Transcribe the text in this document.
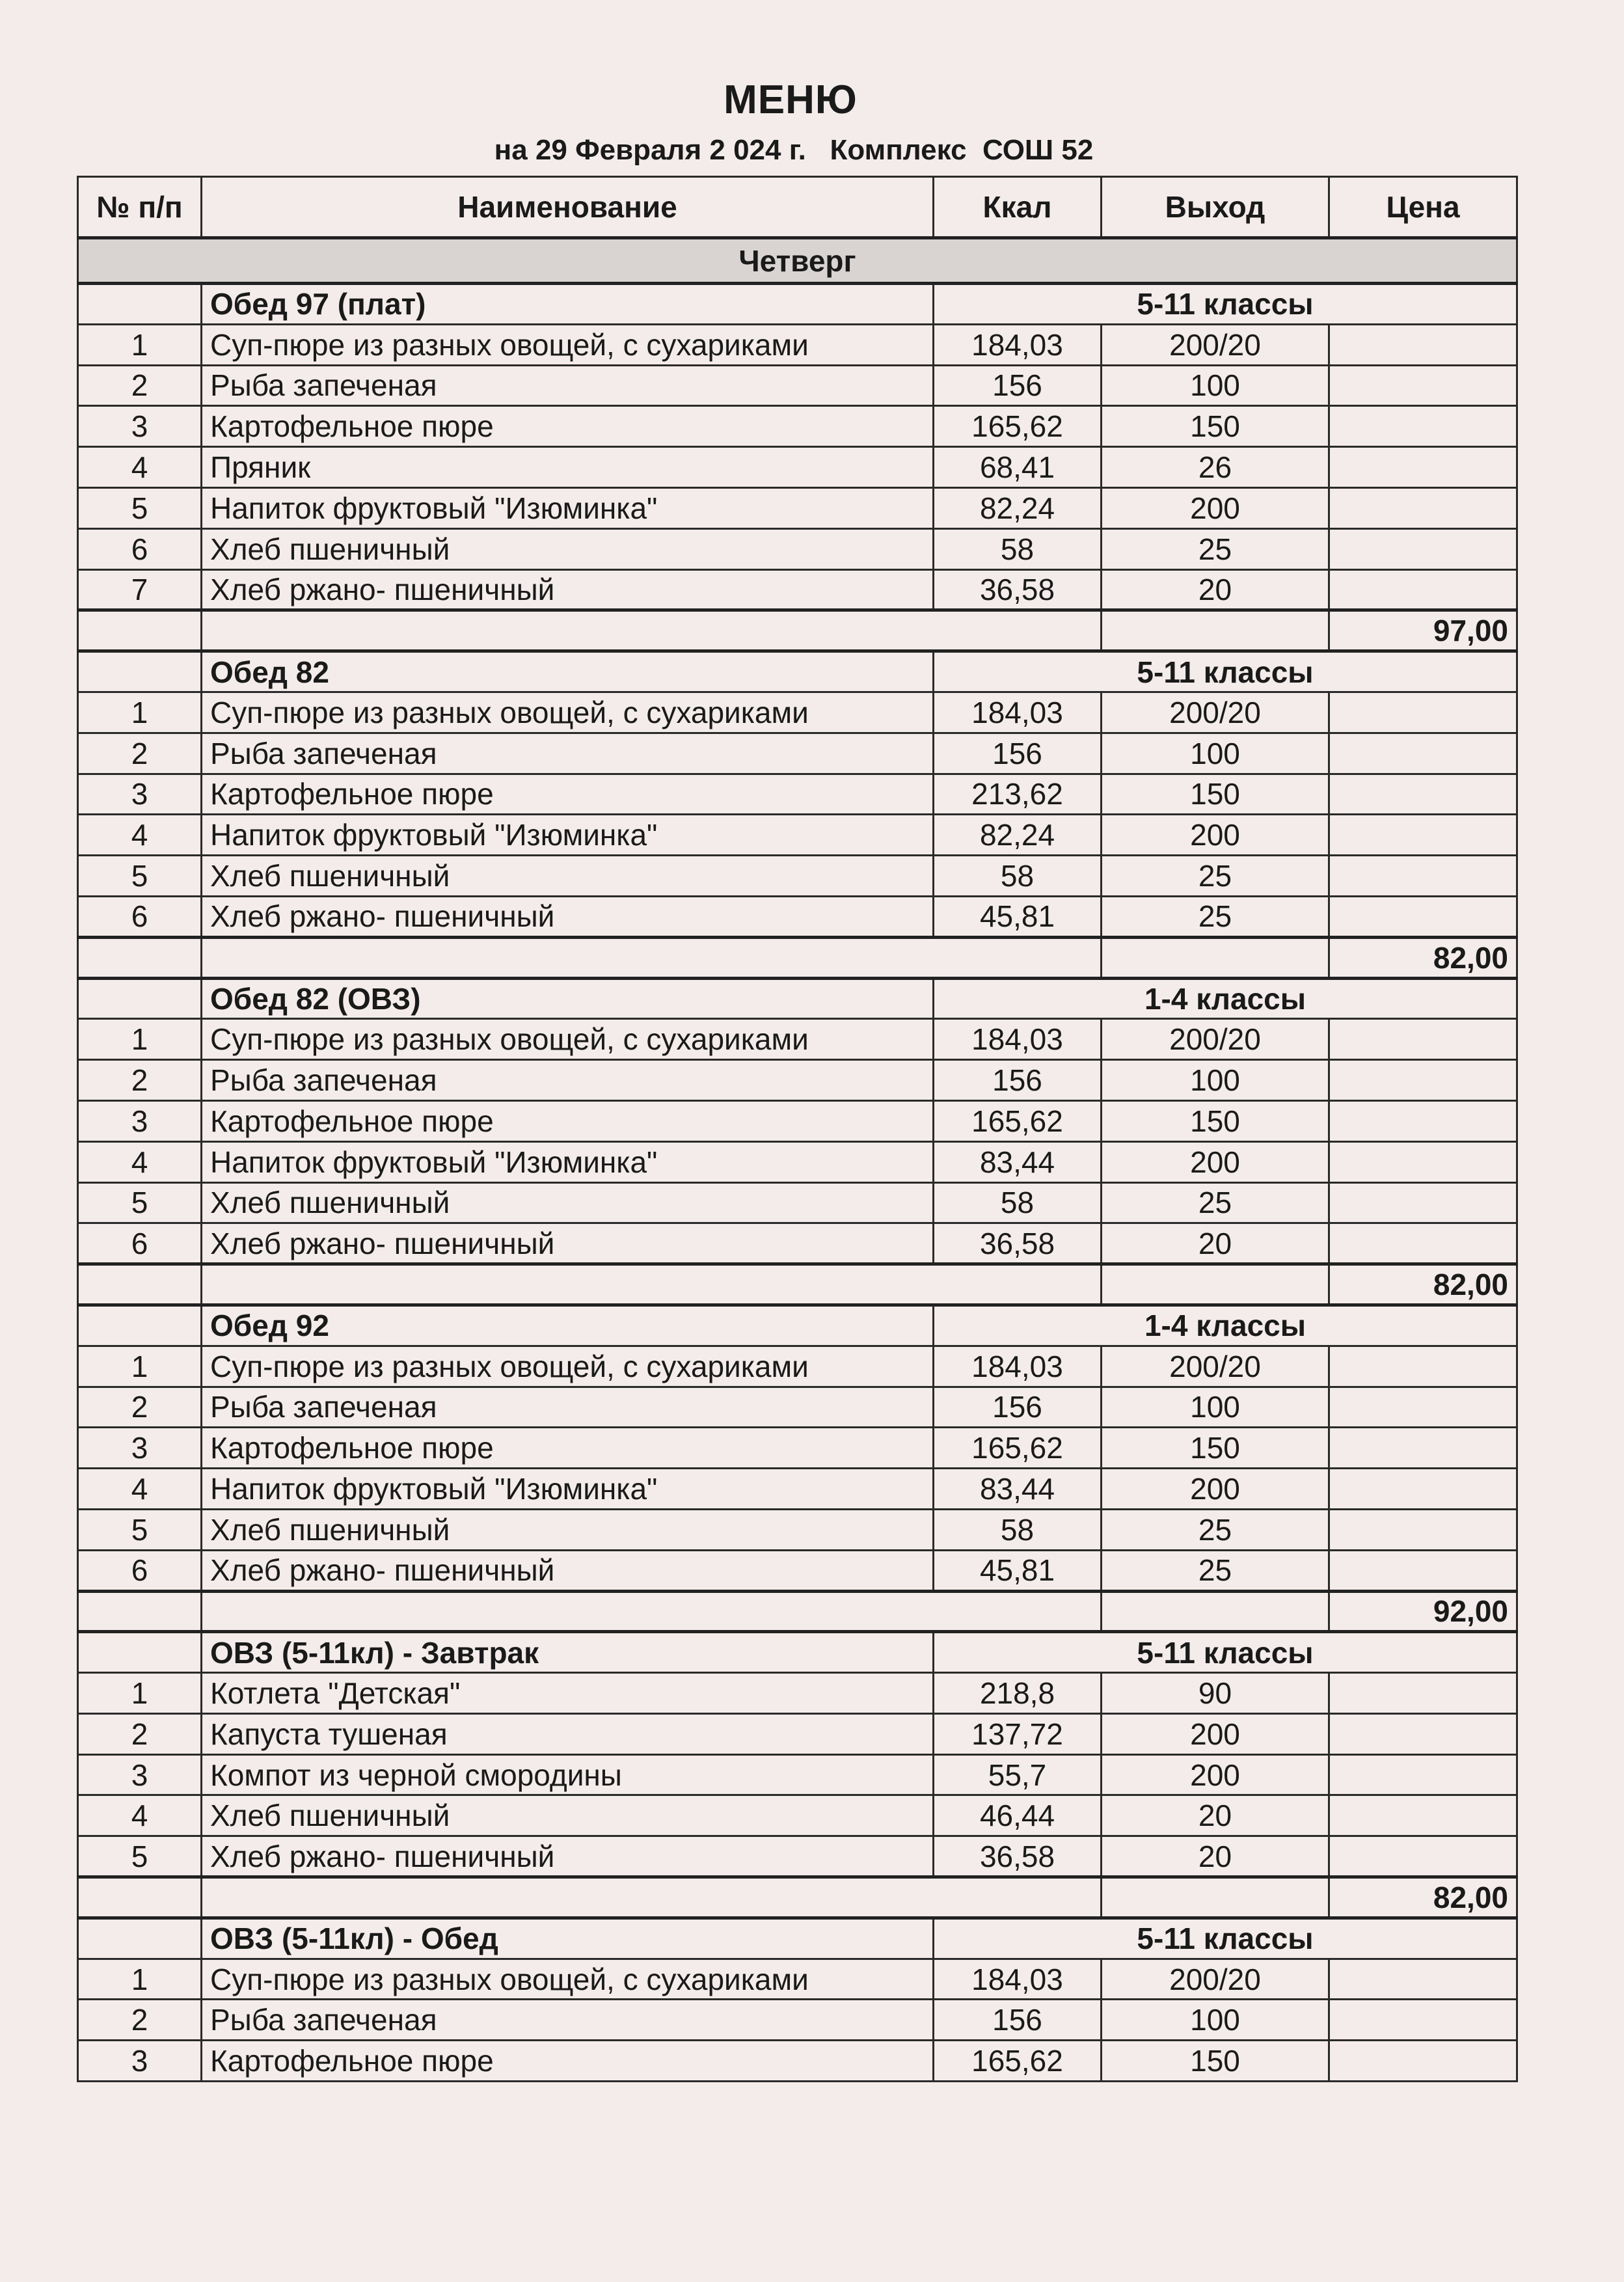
МЕНЮ
на 29 Февраля 2 024 г.   Комплекс  СОШ 52
№ п/п	Наименование	Ккал	Выход	Цена
Четверг				
	Обед 97 (плат)	5-11 классы		
1	Суп-пюре из разных овощей, с сухариками	184,03	200/20	
2	Рыба запеченая	156	100	
3	Картофельное пюре	165,62	150	
4	Пряник	68,41	26	
5	Напиток фруктовый "Изюминка"	82,24	200	
6	Хлеб пшеничный	58	25	
7	Хлеб ржано- пшеничный	36,58	20	
				97,00
	Обед 82	5-11 классы		
1	Суп-пюре из разных овощей, с сухариками	184,03	200/20	
2	Рыба запеченая	156	100	
3	Картофельное пюре	213,62	150	
4	Напиток фруктовый "Изюминка"	82,24	200	
5	Хлеб пшеничный	58	25	
6	Хлеб ржано- пшеничный	45,81	25	
				82,00
	Обед 82 (ОВЗ)	1-4 классы		
1	Суп-пюре из разных овощей, с сухариками	184,03	200/20	
2	Рыба запеченая	156	100	
3	Картофельное пюре	165,62	150	
4	Напиток фруктовый "Изюминка"	83,44	200	
5	Хлеб пшеничный	58	25	
6	Хлеб ржано- пшеничный	36,58	20	
				82,00
	Обед 92	1-4 классы		
1	Суп-пюре из разных овощей, с сухариками	184,03	200/20	
2	Рыба запеченая	156	100	
3	Картофельное пюре	165,62	150	
4	Напиток фруктовый "Изюминка"	83,44	200	
5	Хлеб пшеничный	58	25	
6	Хлеб ржано- пшеничный	45,81	25	
				92,00
	ОВЗ (5-11кл) - Завтрак	5-11 классы		
1	Котлета "Детская"	218,8	90	
2	Капуста тушеная	137,72	200	
3	Компот из черной смородины	55,7	200	
4	Хлеб пшеничный	46,44	20	
5	Хлеб ржано- пшеничный	36,58	20	
				82,00
	ОВЗ (5-11кл) - Обед	5-11 классы		
1	Суп-пюре из разных овощей, с сухариками	184,03	200/20	
2	Рыба запеченая	156	100	
3	Картофельное пюре	165,62	150	
